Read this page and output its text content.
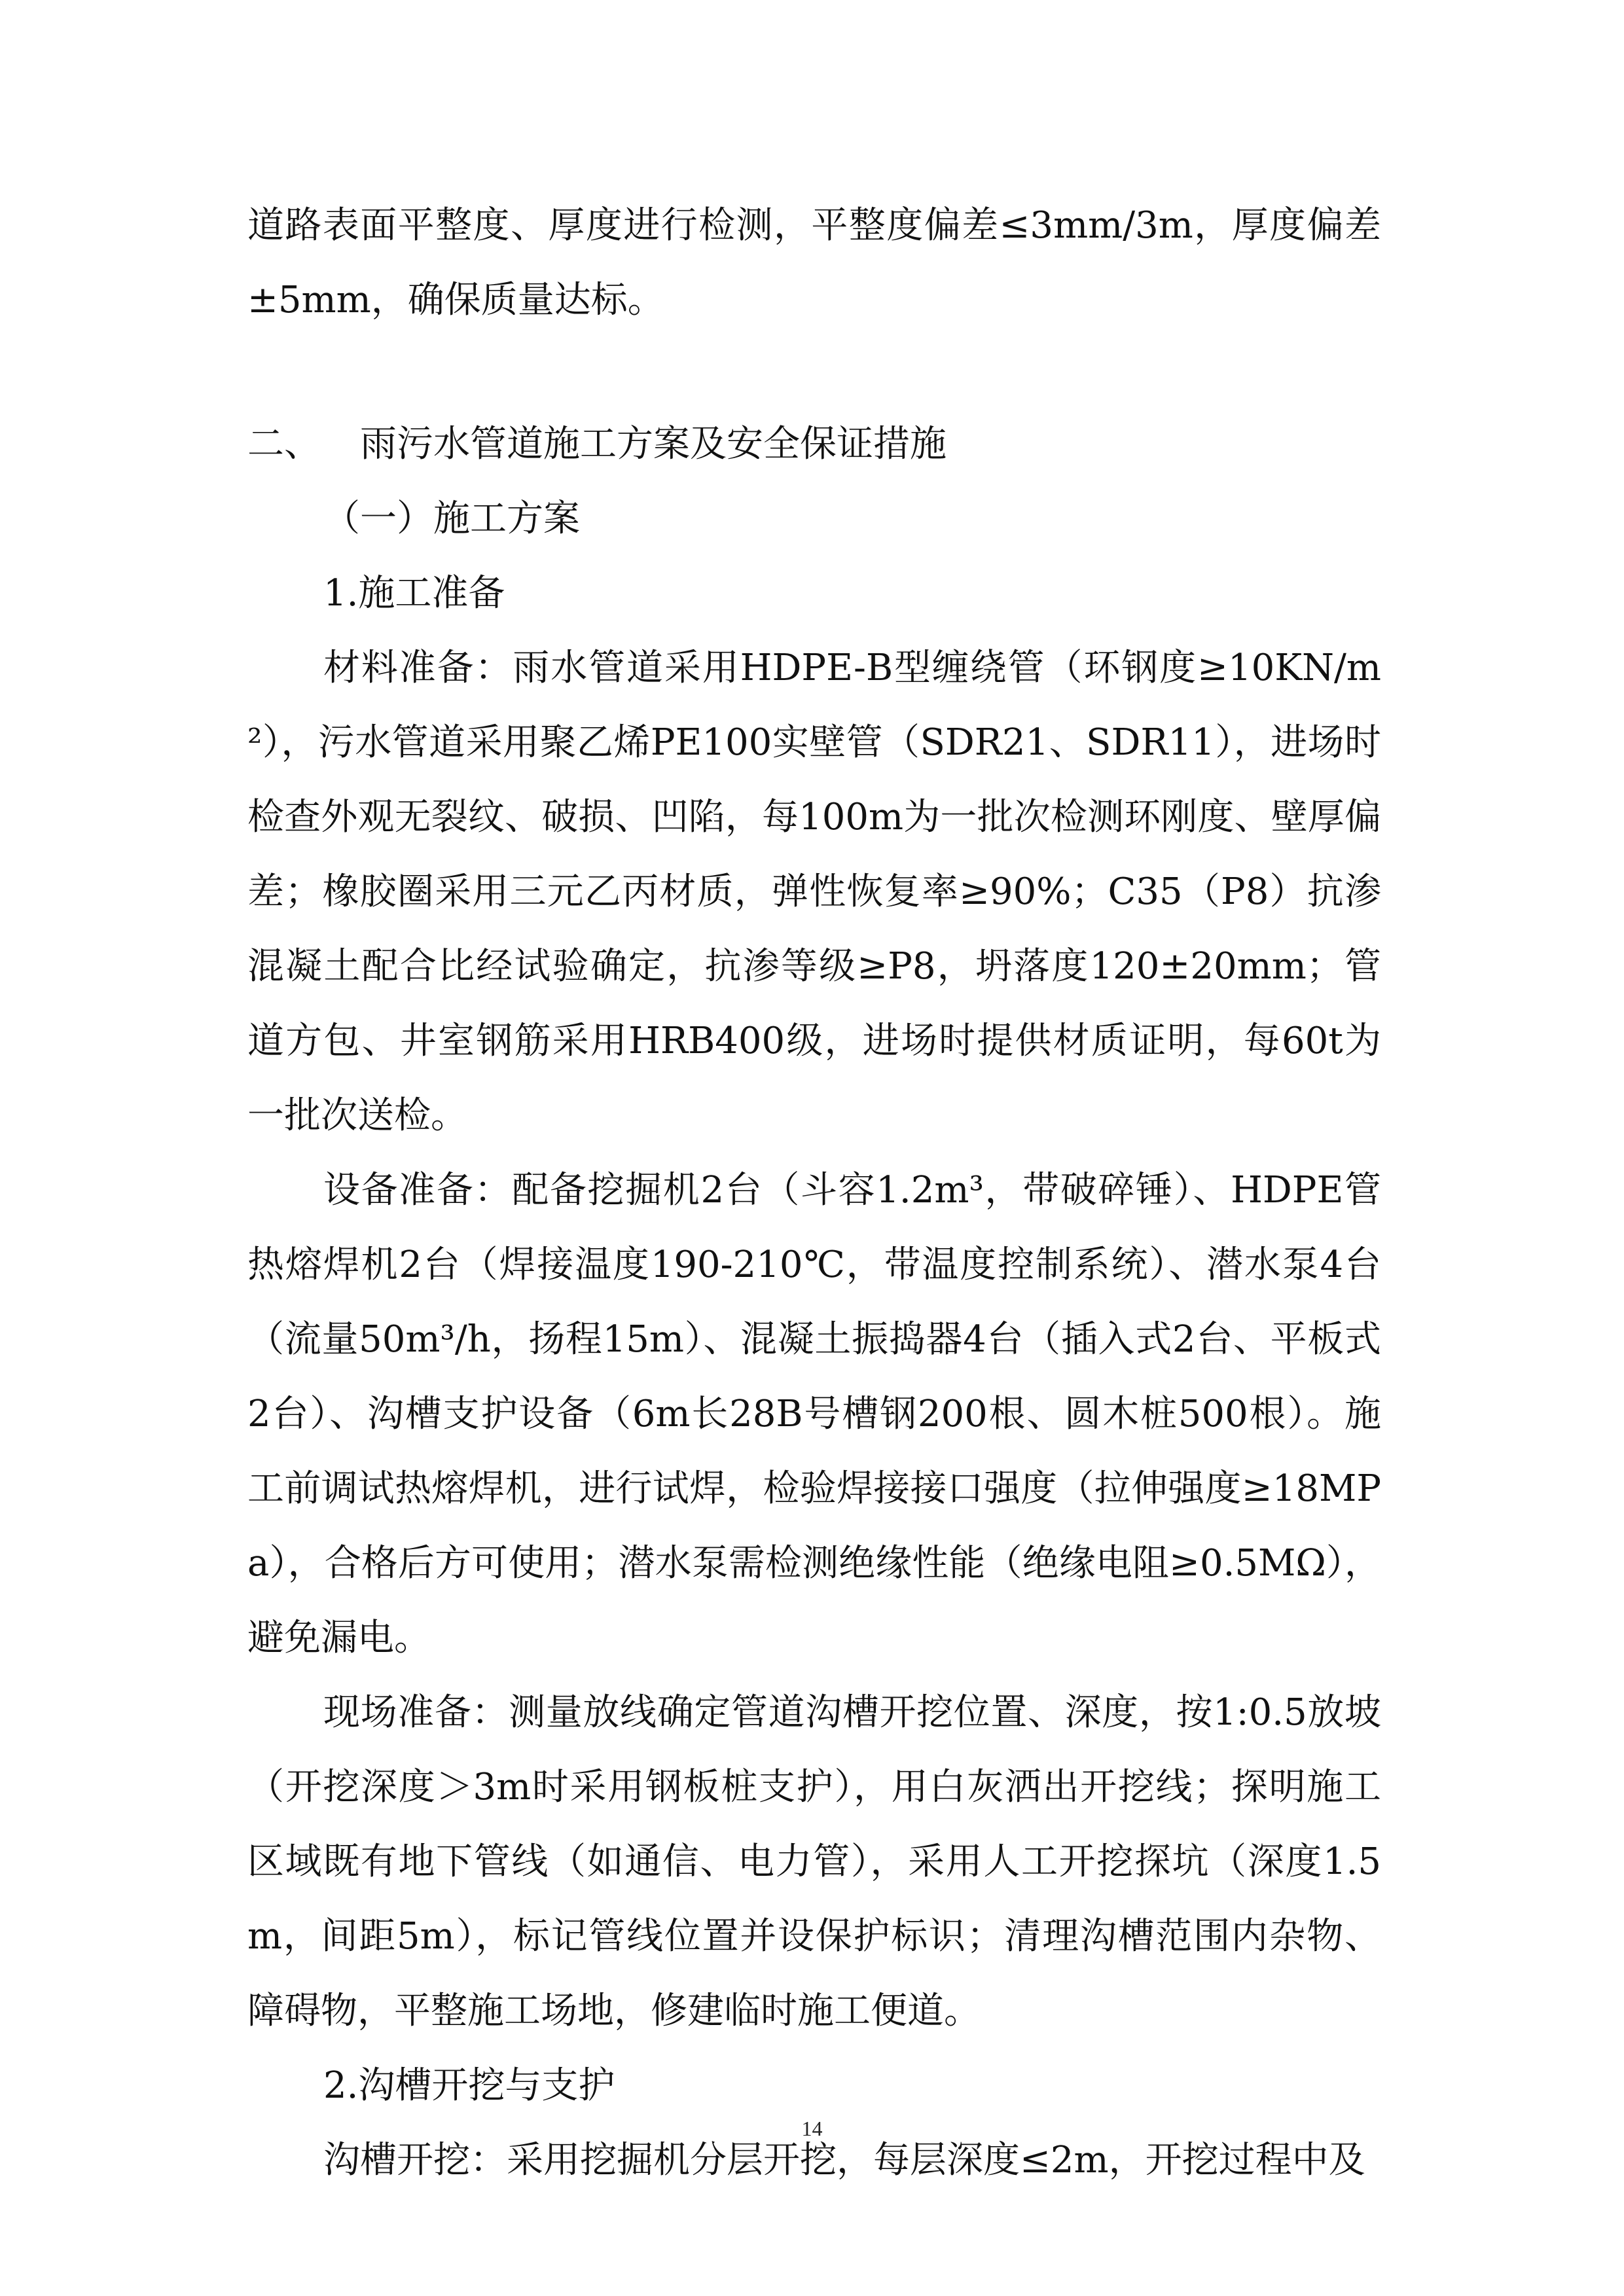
道路表面平整度、厚度进行检测，平整度偏差≤3mm/3m，厚度偏差±5mm，确保质量达标。

二、 雨污水管道施工方案及安全保证措施

（一）施工方案

1.施工准备

材料准备：雨水管道采用HDPE-B型缠绕管（环钢度≥10KN/m²），污水管道采用聚乙烯PE100实壁管（SDR21、SDR11），进场时检查外观无裂纹、破损、凹陷，每100m为一批次检测环刚度、壁厚偏差；橡胶圈采用三元乙丙材质，弹性恢复率≥90%；C35（P8）抗渗混凝土配合比经试验确定，抗渗等级≥P8，坍落度120±20mm；管道方包、井室钢筋采用HRB400级，进场时提供材质证明，每60t为一批次送检。

设备准备：配备挖掘机2台（斗容1.2m³，带破碎锤）、HDPE管热熔焊机2台（焊接温度190-210℃，带温度控制系统）、潜水泵4台（流量50m³/h，扬程15m）、混凝土振捣器4台（插入式2台、平板式2台）、沟槽支护设备（6m长28B号槽钢200根、圆木桩500根）。施工前调试热熔焊机，进行试焊，检验焊接接口强度（拉伸强度≥18MPa），合格后方可使用；潜水泵需检测绝缘性能（绝缘电阻≥0.5MΩ），避免漏电。

现场准备：测量放线确定管道沟槽开挖位置、深度，按1:0.5放坡（开挖深度＞3m时采用钢板桩支护），用白灰洒出开挖线；探明施工区域既有地下管线（如通信、电力管），采用人工开挖探坑（深度1.5m，间距5m），标记管线位置并设保护标识；清理沟槽范围内杂物、障碍物，平整施工场地，修建临时施工便道。

2.沟槽开挖与支护

沟槽开挖：采用挖掘机分层开挖，每层深度≤2m，开挖过程中及

14
